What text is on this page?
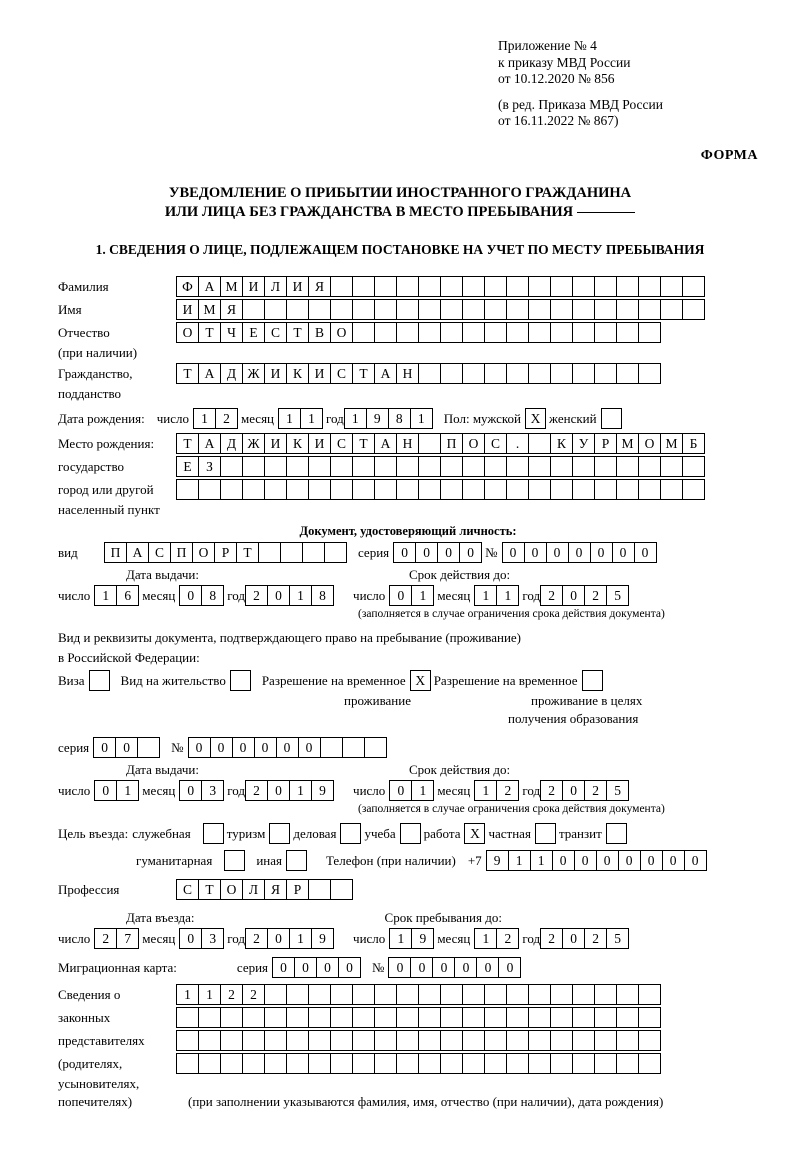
Приложение № 4
к приказу МВД России
от 10.12.2020 № 856
(в ред. Приказа МВД России
от 16.11.2022 № 867)
ФОРМА
УВЕДОМЛЕНИЕ О ПРИБЫТИИ ИНОСТРАННОГО ГРАЖДАНИНА
ИЛИ ЛИЦА БЕЗ ГРАЖДАНСТВА В МЕСТО ПРЕБЫВАНИЯ
1. СВЕДЕНИЯ О ЛИЦЕ, ПОДЛЕЖАЩЕМ ПОСТАНОВКЕ НА УЧЕТ ПО МЕСТУ ПРЕБЫВАНИЯ
Фамилия	Ф А М И Л И Я
Имя	И М Я
Отчество	О Т Ч Е С Т В О
(при наличии)
Гражданство,	Т А Д Ж И К И С Т А Н
подданство
Дата рождения: число 1	2 месяц 1	1 год 1	9	8	1	Пол: мужской X женский
Место рождения:	Т А Д Ж И К И С Т А Н	П О С	.	К У Р М О М Б
государство	Е	З
город или другой
населенный пункт
Документ, удостоверяющий личность:
вид	П А С П О Р	Т	серия 0	0	0	0 № 0	0	0	0	0	0	0
Дата выдачи:	Срок действия до:
число 1	6 месяц 0	8 год 2	0	1	8	число 0	1 месяц 1	1 год 2	0	2	5
(заполняется в случае ограничения срока действия документа)
Вид и реквизиты документа, подтверждающего право на пребывание (проживание)
в Российской Федерации:
Виза	Вид на жительство	Разрешение на временное X Разрешение на временное
проживание	проживание в целях
получения образования
серия 0	0	№ 0	0	0	0	0	0
Дата выдачи:	Срок действия до:
число 0	1 месяц 0	3 год 2	0	1	9	число 0	1 месяц 1	2 год 2	0	2	5
(заполняется в случае ограничения срока действия документа)
Цель въезда: служебная	туризм деловая учеба работа X частная транзит
гуманитарная	иная	Телефон (при наличии) +7 9	1	1	0	0	0	0	0	0	0
Профессия	С Т О Л Я	Р
Дата въезда:	Срок пребывания до:
число 2	7 месяц 0	3 год 2	0	1	9	число 1	9 месяц 1	2 год 2	0	2	5
Миграционная карта:	серия 0	0	0	0	№ 0	0	0	0	0	0
Сведения о	1	1	2	2
законных
представителях
(родителях,
усыновителях,
попечителях)	(при заполнении указываются фамилия, имя, отчество (при наличии), дата рождения)
